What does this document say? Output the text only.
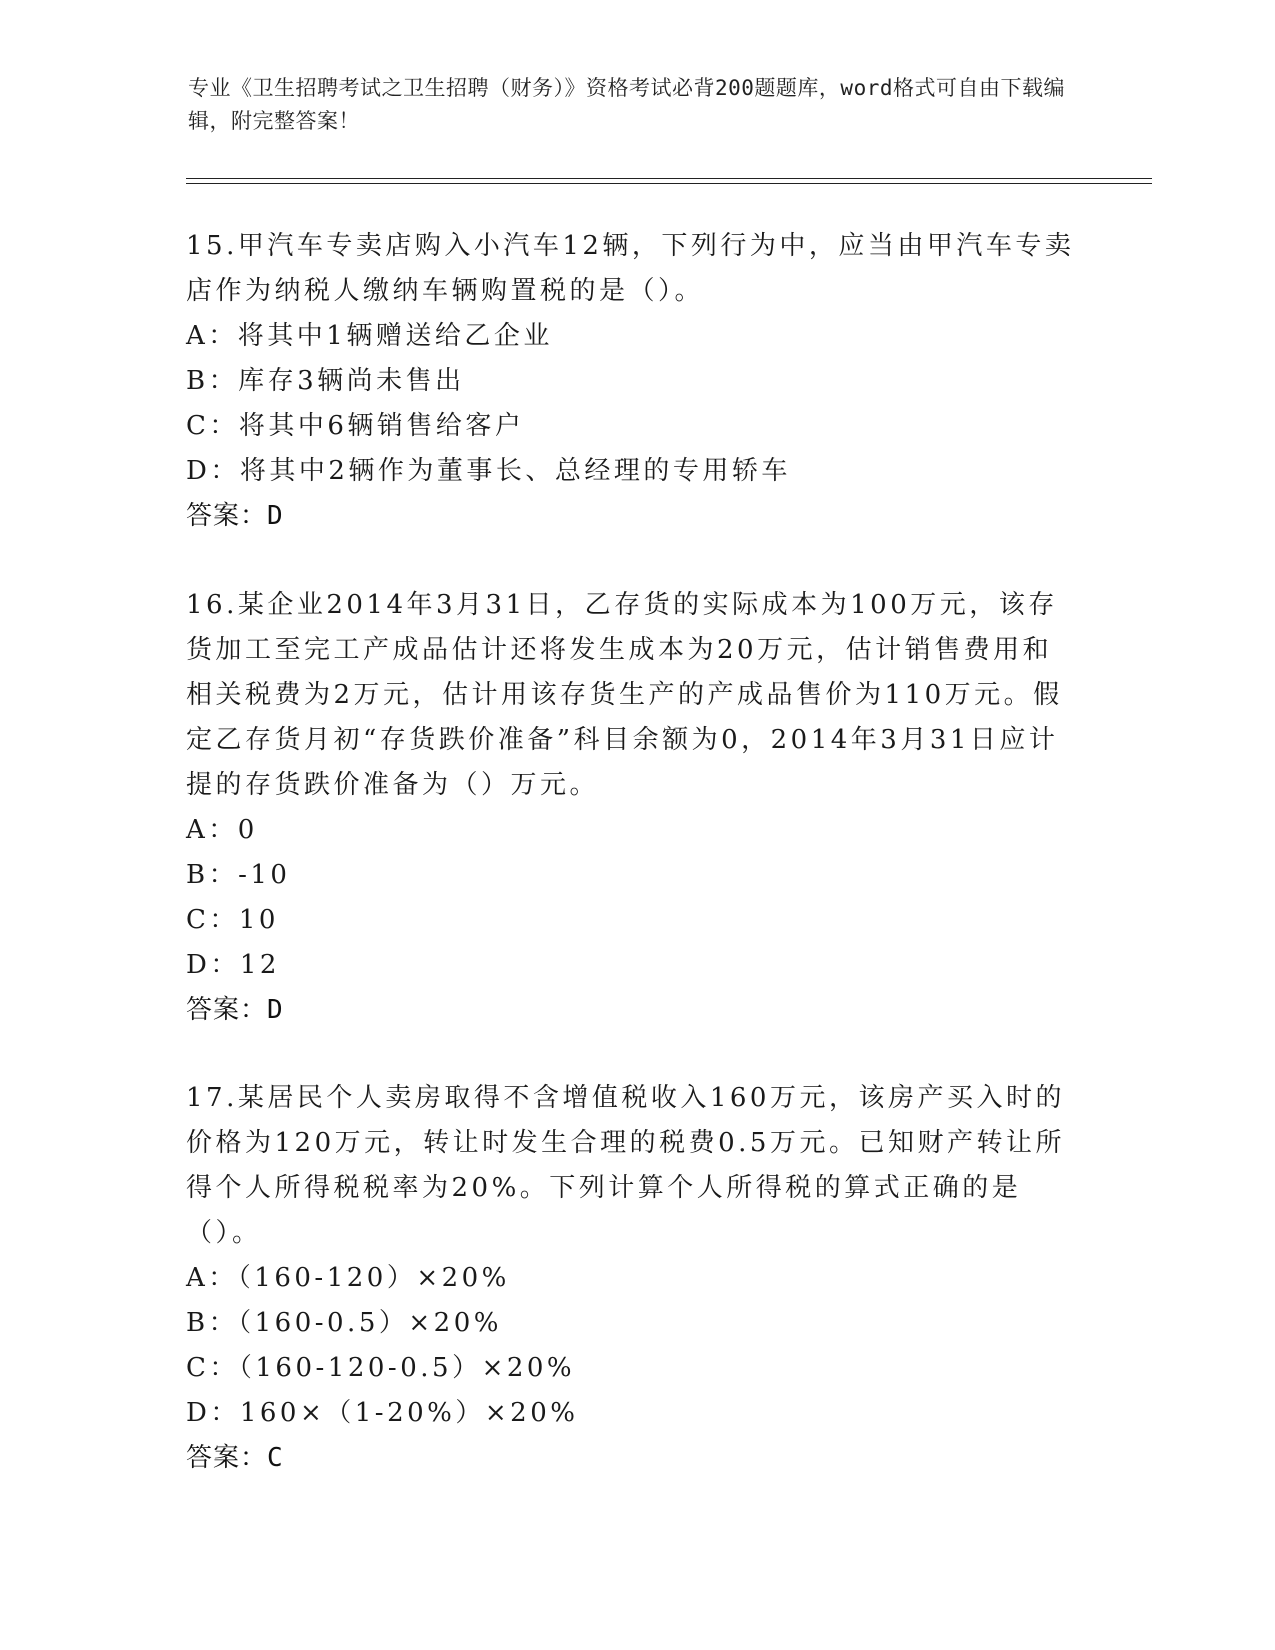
专业《卫生招聘考试之卫生招聘（财务）》资格考试必背200题题库，word格式可自由下载编辑，附完整答案！

15.甲汽车专卖店购入小汽车12辆，下列行为中，应当由甲汽车专卖店作为纳税人缴纳车辆购置税的是（）。

A：将其中1辆赠送给乙企业

B：库存3辆尚未售出

C：将其中6辆销售给客户

D：将其中2辆作为董事长、总经理的专用轿车

答案：D

16.某企业2014年3月31日，乙存货的实际成本为100万元，该存货加工至完工产成品估计还将发生成本为20万元，估计销售费用和相关税费为2万元，估计用该存货生产的产成品售价为110万元。假定乙存货月初“存货跌价准备”科目余额为0，2014年3月31日应计提的存货跌价准备为（）万元。

A：0

B：-10

C：10

D：12

答案：D

17.某居民个人卖房取得不含增值税收入160万元，该房产买入时的价格为120万元，转让时发生合理的税费0.5万元。已知财产转让所得个人所得税税率为20%。下列计算个人所得税的算式正确的是（）。

A：（160-120）×20%

B：（160-0.5）×20%

C：（160-120-0.5）×20%

D：160×（1-20%）×20%

答案：C
